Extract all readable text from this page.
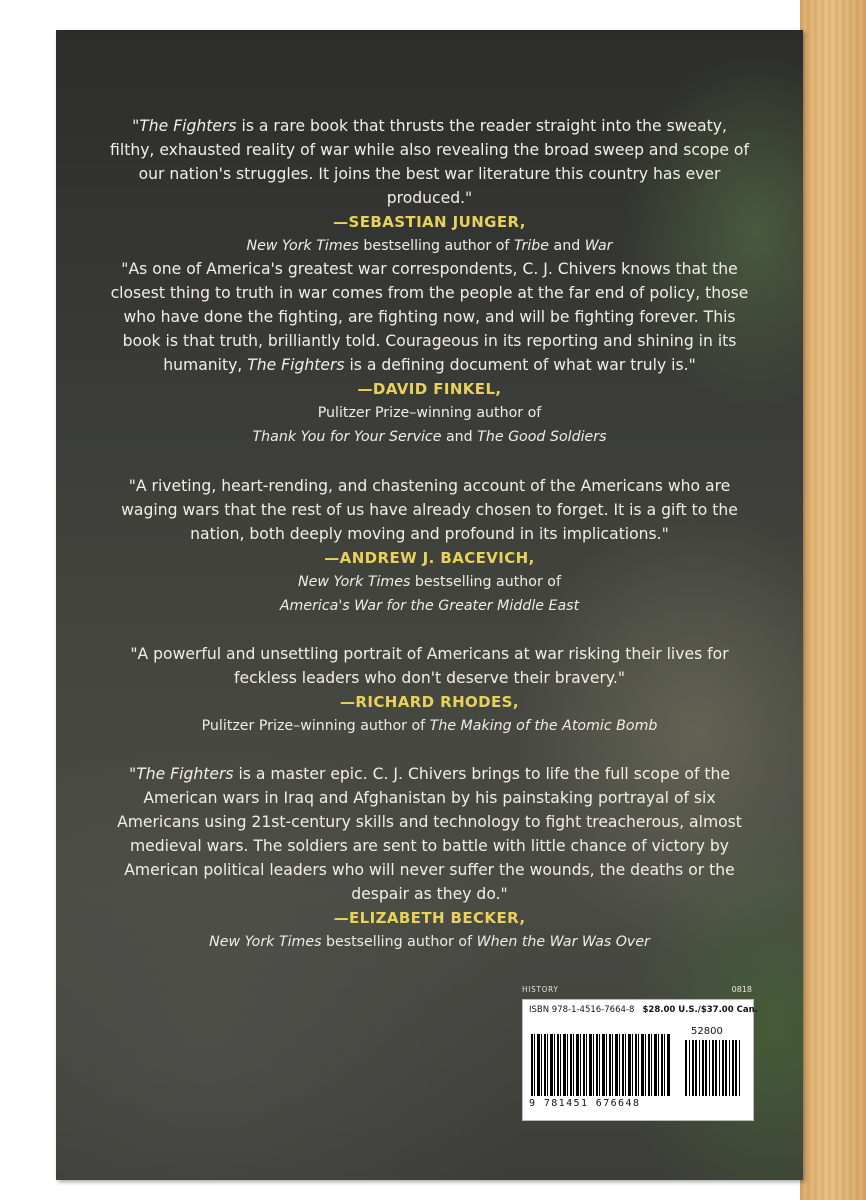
"The Fighters is a rare book that thrusts the reader straight into the sweaty, filthy, exhausted reality of war while also revealing the broad sweep and scope of our nation's struggles. It joins the best war literature this country has ever produced."

—SEBASTIAN JUNGER,
New York Times bestselling author of Tribe and War

"As one of America's greatest war correspondents, C. J. Chivers knows that the closest thing to truth in war comes from the people at the far end of policy, those who have done the fighting, are fighting now, and will be fighting forever. This book is that truth, brilliantly told. Courageous in its reporting and shining in its humanity, The Fighters is a defining document of what war truly is."

—DAVID FINKEL,
Pulitzer Prize–winning author of
Thank You for Your Service and The Good Soldiers

"A riveting, heart-rending, and chastening account of the Americans who are waging wars that the rest of us have already chosen to forget. It is a gift to the nation, both deeply moving and profound in its implications."

—ANDREW J. BACEVICH,
New York Times bestselling author of
America's War for the Greater Middle East

"A powerful and unsettling portrait of Americans at war risking their lives for feckless leaders who don't deserve their bravery."

—RICHARD RHODES,
Pulitzer Prize–winning author of The Making of the Atomic Bomb

"The Fighters is a master epic. C. J. Chivers brings to life the full scope of the American wars in Iraq and Afghanistan by his painstaking portrayal of six Americans using 21st-century skills and technology to fight treacherous, almost medieval wars. The soldiers are sent to battle with little chance of victory by American political leaders who will never suffer the wounds, the deaths or the despair as they do."

—ELIZABETH BECKER,
New York Times bestselling author of When the War Was Over
HISTORY	0818
ISBN 978-1-4516-7664-8 $28.00 U.S./$37.00 Can.
52800
9 781451 676648
